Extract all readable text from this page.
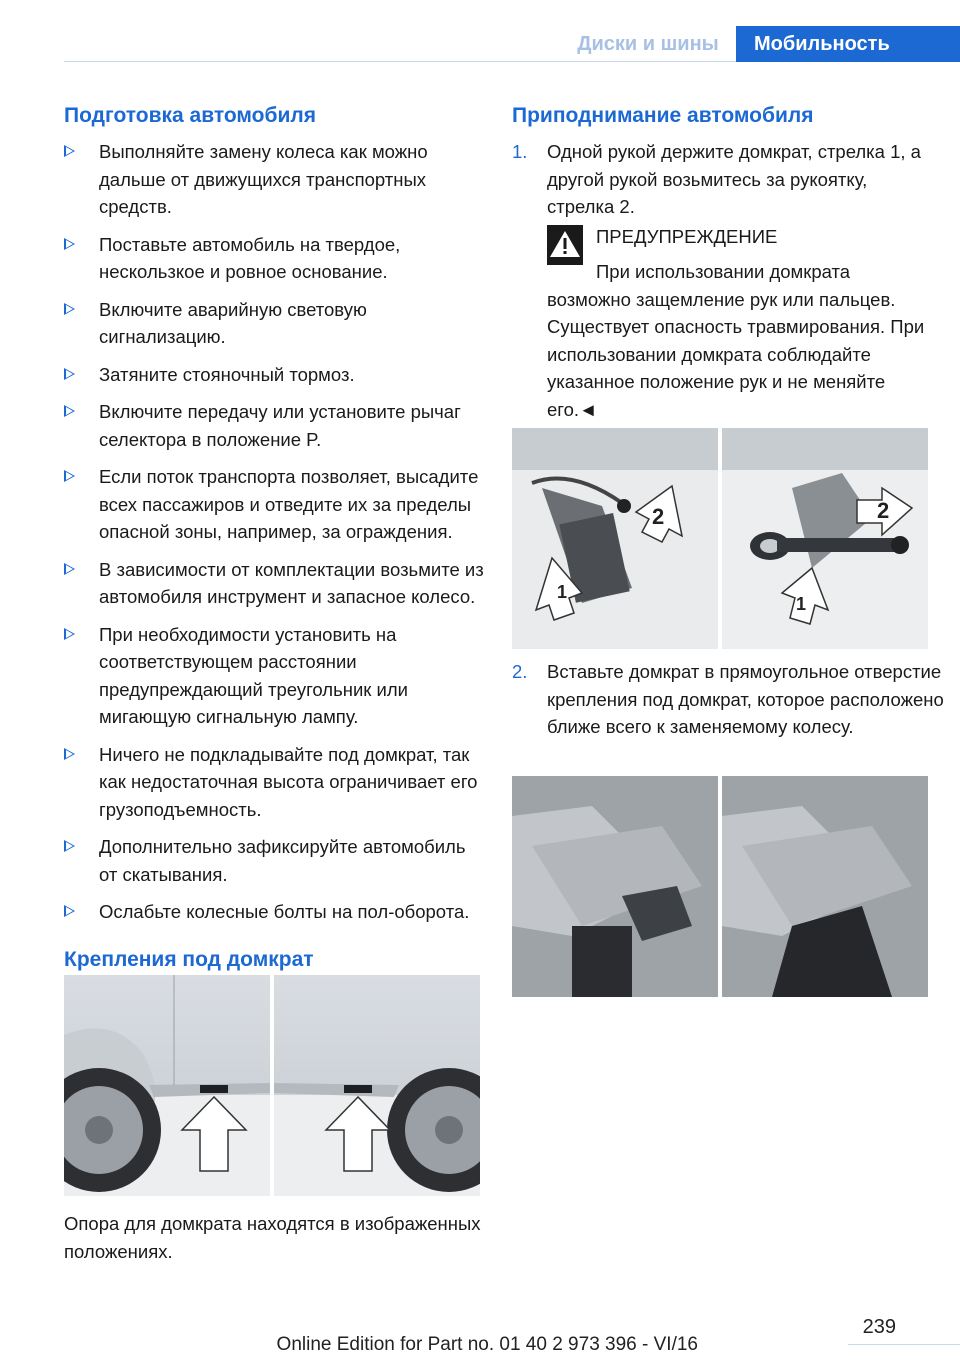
Диски и шины	Мобильность
Подготовка автомобиля
Выполняйте замену колеса как можно дальше от движущихся транспортных средств.
Поставьте автомобиль на твердое, нескользкое и ровное основание.
Включите аварийную световую сигнализацию.
Затяните стояночный тормоз.
Включите передачу или установите рычаг селектора в положение P.
Если поток транспорта позволяет, высадите всех пассажиров и отведите их за пределы опасной зоны, например, за ограждения.
В зависимости от комплектации возьмите из автомобиля инструмент и запасное колесо.
При необходимости установить на соответствующем расстоянии предупреждающий треугольник или мигающую сигнальную лампу.
Ничего не подкладывайте под домкрат, так как недостаточная высота ограничивает его грузоподъемность.
Дополнительно зафиксируйте автомобиль от скатывания.
Ослабьте колесные болты на пол-оборота.
Крепления под домкрат
Опора для домкрата находятся в изображенных положениях.
Приподнимание автомобиля
1. Одной рукой держите домкрат, стрелка 1, а другой рукой возьмитесь за рукоятку, стрелка 2.
ПРЕДУПРЕЖДЕНИЕ
При использовании домкрата возможно защемление рук или пальцев. Существует опасность травмирования. При использовании домкрата соблюдайте указанное положение рук и не меняйте его.◄
2
1
2
1
2. Вставьте домкрат в прямоугольное отверстие крепления под домкрат, которое расположено ближе всего к заменяемому колесу.
239
Online Edition for Part no. 01 40 2 973 396 - VI/16
